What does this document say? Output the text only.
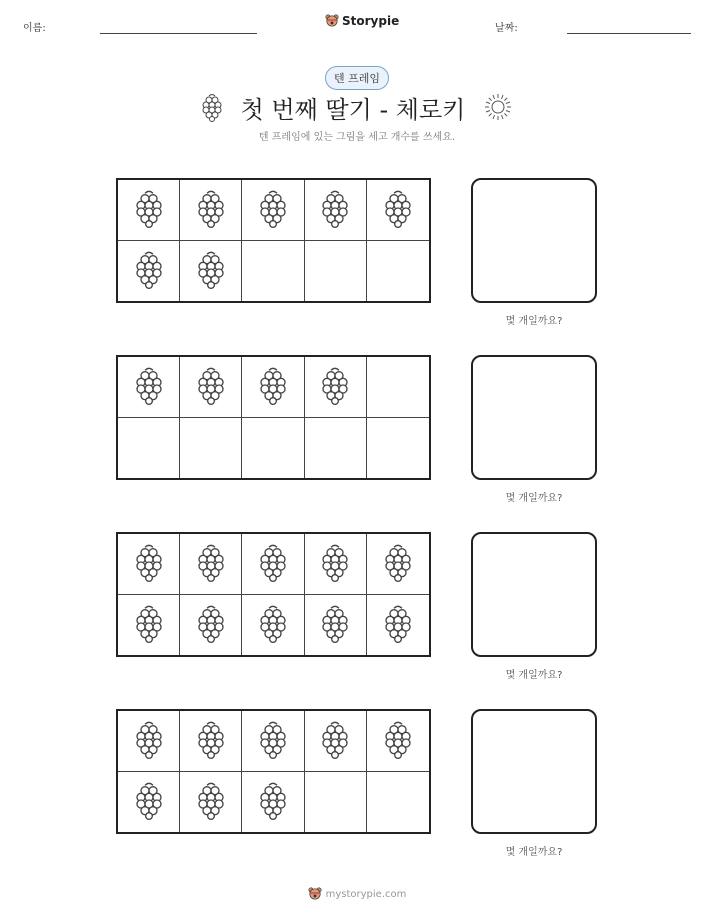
이름:
Storypie
날짜:
텐 프레임
첫 번째 딸기 - 체로키
텐 프레임에 있는 그림을 세고 개수를 쓰세요.
몇 개일까요?
몇 개일까요?
몇 개일까요?
몇 개일까요?
mystorypie.com
